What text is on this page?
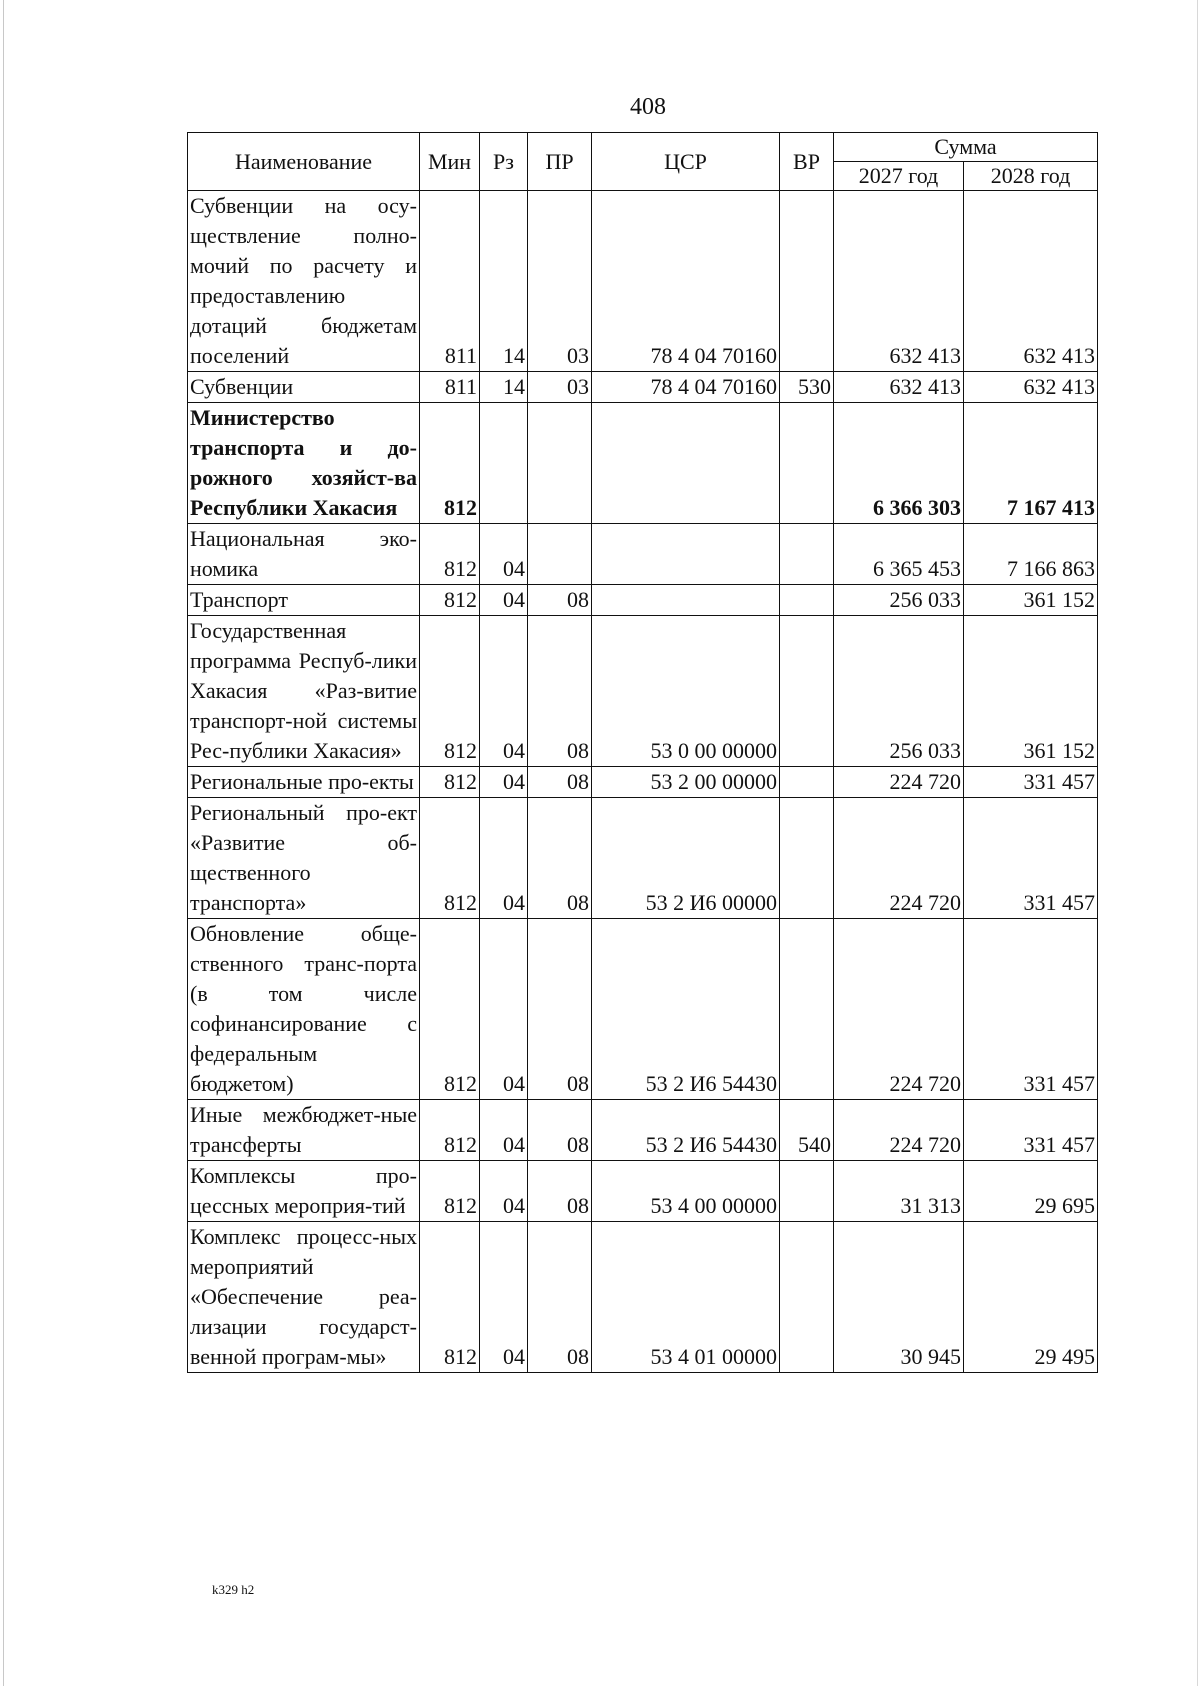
408
Наименование	Мин	Рз	ПР	ЦСР	ВР	Сумма	
						2027 год	2028 год
Субвенции на осу-ществление полно-мочий по расчету и предоставлению дотаций бюджетам поселений	811	14	03	78 4 04 70160		632 413	632 413
Субвенции	811	14	03	78 4 04 70160	530	632 413	632 413
Министерство транспорта и до-рожного хозяйст-ва Республики Хакасия	812					6 366 303	7 167 413
Национальная эко-номика	812	04				6 365 453	7 166 863
Транспорт	812	04	08			256 033	361 152
Государственная программа Респуб-лики Хакасия «Раз-витие транспорт-ной системы Рес-публики Хакасия»	812	04	08	53 0 00 00000		256 033	361 152
Региональные про-екты	812	04	08	53 2 00 00000		224 720	331 457
Региональный про-ект «Развитие об-щественного транспорта»	812	04	08	53 2 И6 00000		224 720	331 457
Обновление обще-ственного транс-порта (в том числе софинансирование с федеральным бюджетом)	812	04	08	53 2 И6 54430		224 720	331 457
Иные межбюджет-ные трансферты	812	04	08	53 2 И6 54430	540	224 720	331 457
Комплексы про-цессных мероприя-тий	812	04	08	53 4 00 00000		31 313	29 695
Комплекс процесс-ных мероприятий «Обеспечение реа-лизации государст-венной програм-мы»	812	04	08	53 4 01 00000		30 945	29 495
k329 h2
